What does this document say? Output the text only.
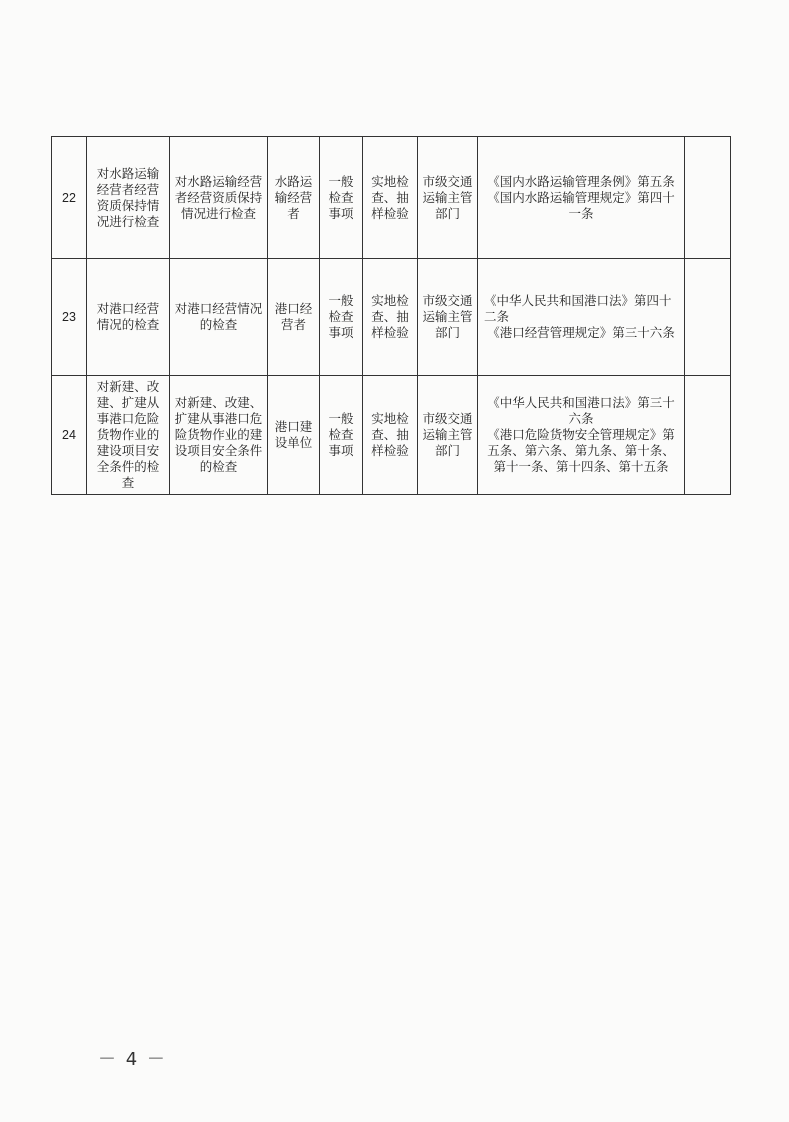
22	对水路运输经营者经营资质保持情况进行检查	对水路运输经营者经营资质保持情况进行检查	水路运输经营者	一般检查事项	实地检查、抽样检验	市级交通运输主管部门	《国内水路运输管理条例》第五条
《国内水路运输管理规定》第四十一条	

23	对港口经营情况的检查	对港口经营情况的检查	港口经营者	一般检查事项	实地检查、抽样检验	市级交通运输主管部门	《中华人民共和国港口法》第四十二条
《港口经营管理规定》第三十六条	

24	对新建、改建、扩建从事港口危险货物作业的建设项目安全条件的检查	对新建、改建、扩建从事港口危险货物作业的建设项目安全条件的检查	港口建设单位	一般检查事项	实地检查、抽样检验	市级交通运输主管部门	《中华人民共和国港口法》第三十六条
《港口危险货物安全管理规定》第五条、第六条、第九条、第十条、第十一条、第十四条、第十五条	

－ 4 －
